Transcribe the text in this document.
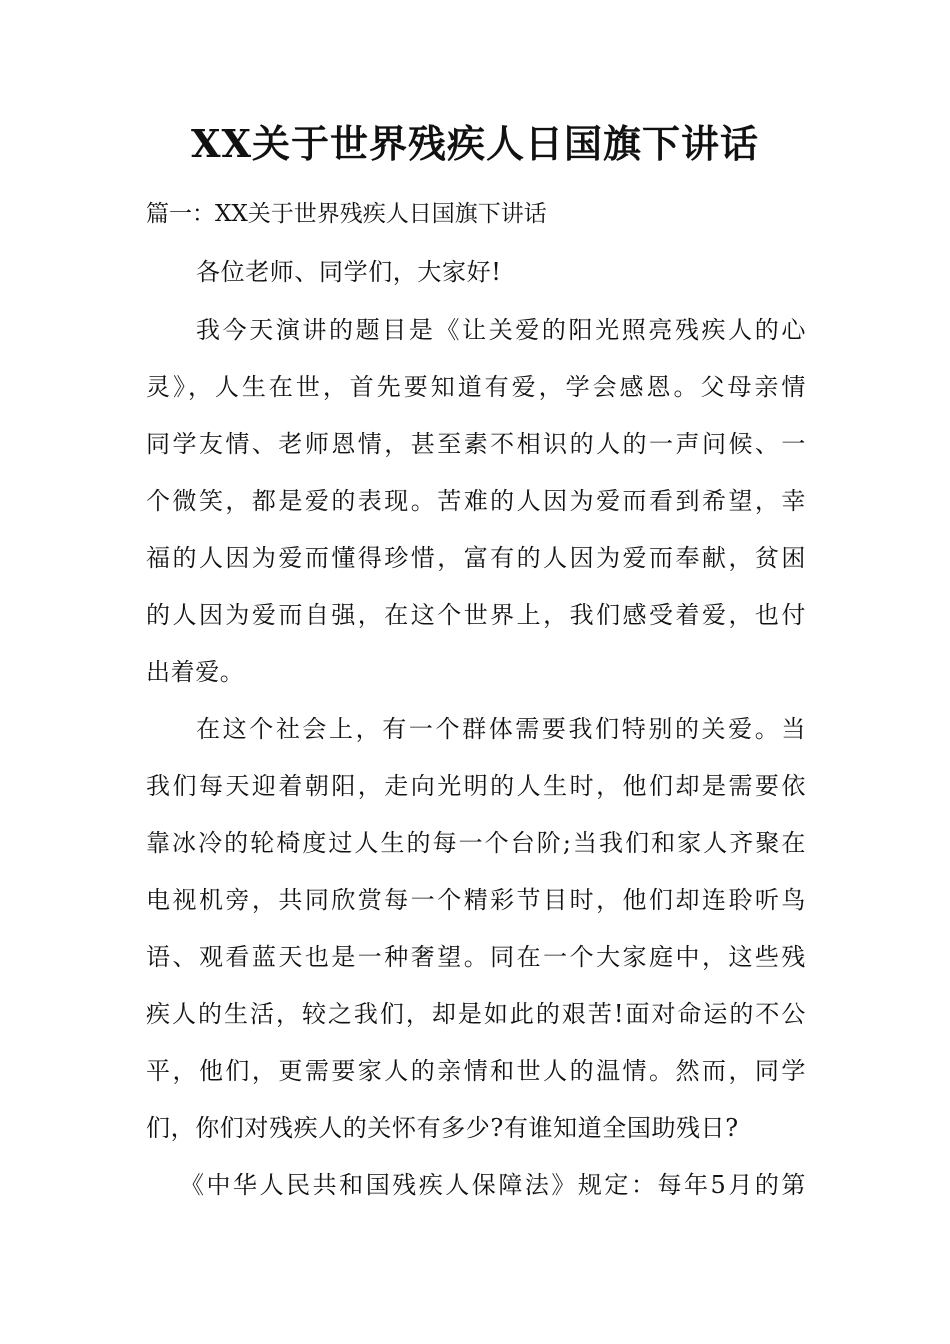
XX关于世界残疾人日国旗下讲话
篇一：XX关于世界残疾人日国旗下讲话
各位老师、同学们，大家好!
我今天演讲的题目是《让关爱的阳光照亮残疾人的心
灵》，人生在世，首先要知道有爱，学会感恩。父母亲情
同学友情、老师恩情，甚至素不相识的人的一声问候、一
个微笑，都是爱的表现。苦难的人因为爱而看到希望，幸
福的人因为爱而懂得珍惜，富有的人因为爱而奉献，贫困
的人因为爱而自强，在这个世界上，我们感受着爱，也付
出着爱。
在这个社会上，有一个群体需要我们特别的关爱。当
我们每天迎着朝阳，走向光明的人生时，他们却是需要依
靠冰冷的轮椅度过人生的每一个台阶;当我们和家人齐聚在
电视机旁，共同欣赏每一个精彩节目时，他们却连聆听鸟
语、观看蓝天也是一种奢望。同在一个大家庭中，这些残
疾人的生活，较之我们，却是如此的艰苦!面对命运的不公
平，他们，更需要家人的亲情和世人的温情。然而，同学
们，你们对残疾人的关怀有多少?有谁知道全国助残日?
《中华人民共和国残疾人保障法》规定：每年5月的第
